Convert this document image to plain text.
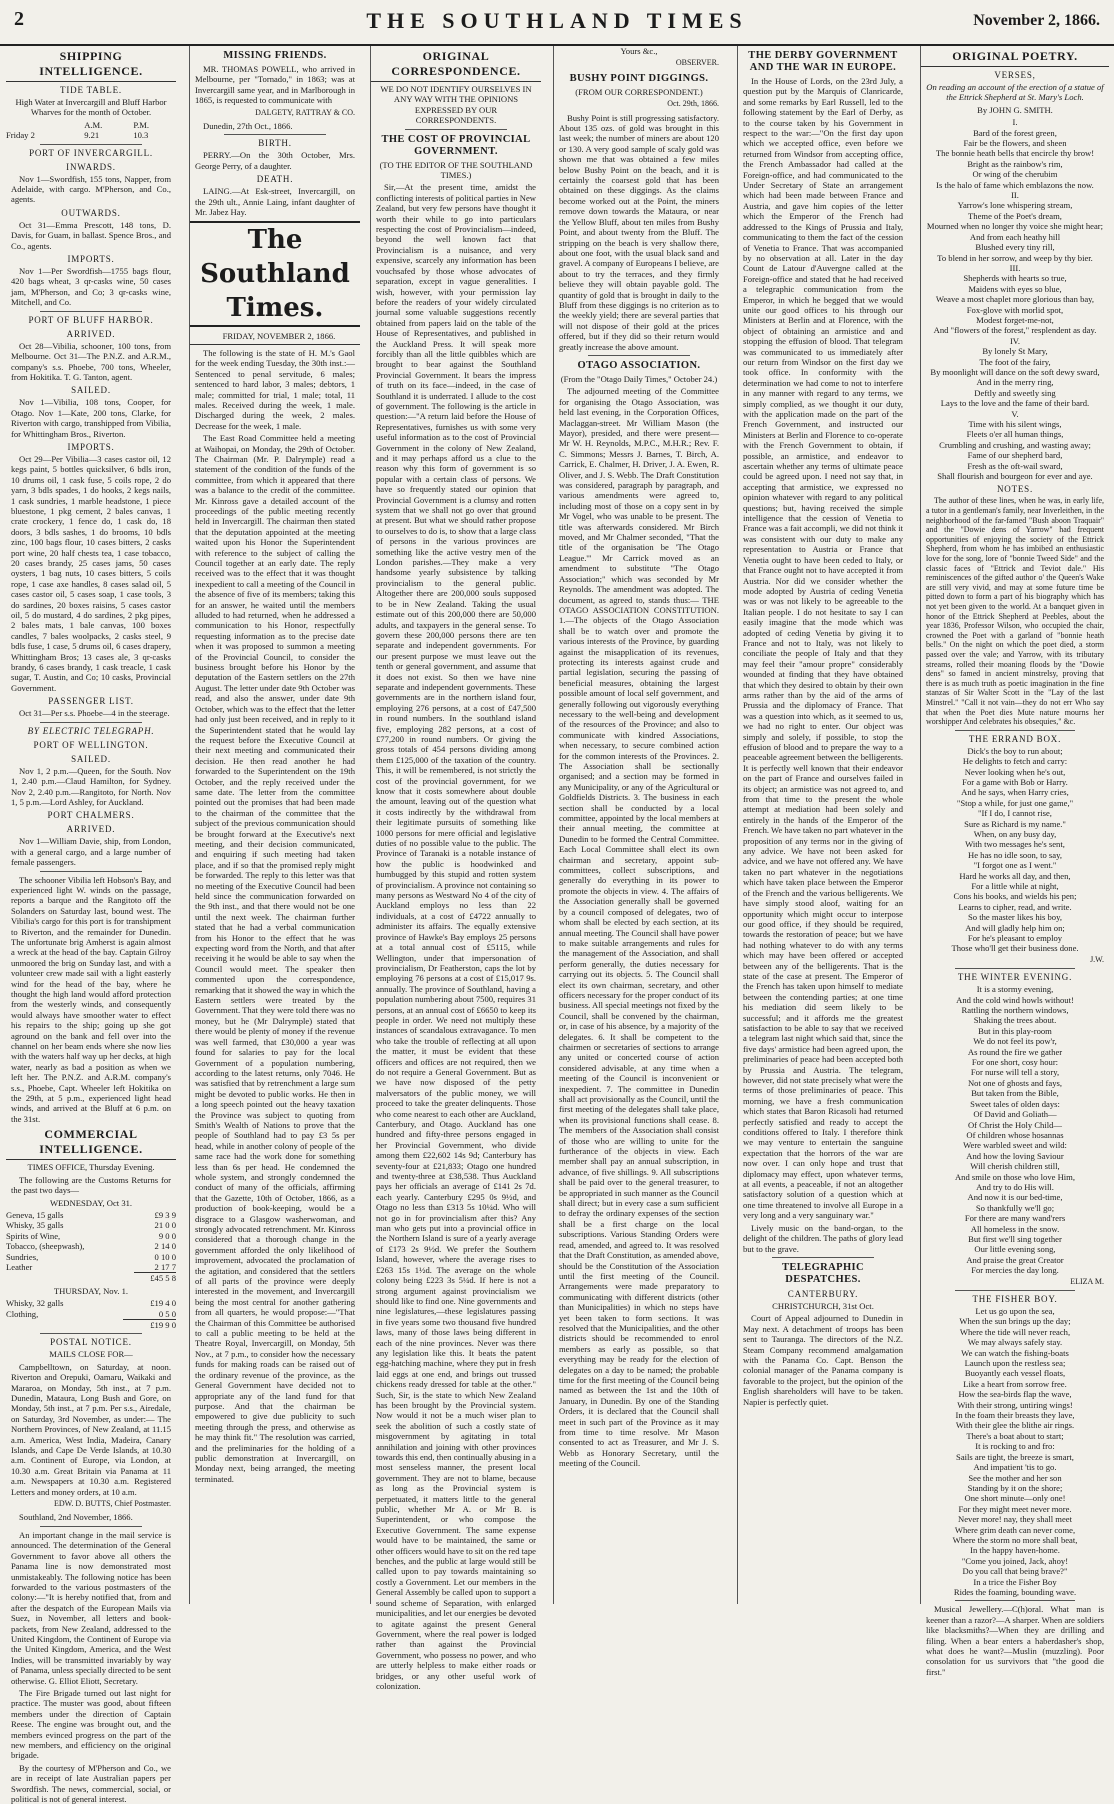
2	THE SOUTHLAND TIMES	November 2, 1866.
SHIPPING INTELLIGENCE.
TIDE TABLE.

High Water at Invercargill and Bluff Harbor Wharves for the month of October.

	A.M.	P.M.
Friday 2	9.21	10.3
PORT OF INVERCARGILL.
INWARDS.

Nov 1—Swordfish, 155 tons, Napper, from Adelaide, with cargo. M'Pherson, and Co., agents.

OUTWARDS.

Oct 31—Emma Prescott, 148 tons, D. Davis, for Guam, in ballast. Spence Bros., and Co., agents.

IMPORTS.

Nov 1—Per Swordfish—1755 bags flour, 420 bags wheat, 3 qr-casks wine, 50 cases jam, M'Pherson, and Co; 3 qr-casks wine, Mitchell, and Co.

PORT OF BLUFF HARBOR.
ARRIVED.

Oct 28—Vibilia, schooner, 100 tons, from Melbourne. Oct 31—The P.N.Z. and A.R.M., company's s.s. Phoebe, 700 tons, Wheeler, from Hokitika. T. G. Tanton, agent.

SAILED.

Nov 1—Vibilia, 108 tons, Cooper, for Otago. Nov 1—Kate, 200 tons, Clarke, for Riverton with cargo, transhipped from Vibilia, for Whittingham Bros., Riverton.

IMPORTS.

Oct 29—Per Vibilia—3 cases castor oil, 12 kegs paint, 5 bottles quicksilver, 6 bdls iron, 10 drums oil, 1 cask fuse, 5 coils rope, 2 do yarn, 3 bdls spades, 1 do hooks, 2 kegs nails, 1 cask sundries, 1 marble headstone, 1 piece bluestone, 1 pkg cement, 2 bales canvas, 1 crate crockery, 1 fence do, 1 cask do, 18 doors, 3 bdls sashes, 1 do brooms, 10 bdls zinc, 100 bags flour, 10 cases bitters, 2 casks port wine, 20 half chests tea, 1 case tobacco, 20 cases brandy, 25 cases jams, 50 cases oysters, 1 bag nuts, 10 cases bitters, 5 coils rope, 1 case axe handles, 8 cases salad oil, 5 cases castor oil, 5 cases soap, 1 case tools, 3 do sardines, 20 boxes raisins, 5 cases castor oil, 5 do mustard, 4 do sardines, 2 pkg pipes, 2 bales mats, 1 bale canvas, 100 boxes candles, 7 bales woolpacks, 2 casks steel, 9 bdls fuse, 1 case, 5 drums oil, 6 cases drapery, Whittingham Bros; 13 cases ale, 3 qr-casks brandy, 6 cases brandy, 1 cask treacle, 1 cask sugar, T. Austin, and Co; 10 casks, Provincial Government.

PASSENGER LIST.

Oct 31—Per s.s. Phoebe—4 in the steerage.

BY ELECTRIC TELEGRAPH.
PORT OF WELLINGTON.
SAILED.

Nov 1, 2 p.m.—Queen, for the South. Nov 1, 2.40 p.m.—Claud Hamilton, for Sydney. Nov 2, 2.40 p.m.—Rangitoto, for North. Nov 1, 5 p.m.—Lord Ashley, for Auckland.

PORT CHALMERS.
ARRIVED.

Nov 1—William Davie, ship, from London, with a general cargo, and a large number of female passengers.

The schooner Vibilia left Hobson's Bay, and experienced light W. winds on the passage, reports a barque and the Rangitoto off the Solanders on Saturday last, bound west. The Vibilia's cargo for this port is for transhipment to Riverton, and the remainder for Dunedin. The unfortunate brig Amherst is again almost a wreck at the head of the bay. Captain Gilroy unmoored the brig on Sunday last, and with a volunteer crew made sail with a light easterly wind for the head of the bay, where he thought the high land would afford protection from the westerly winds, and consequently would always have smoother water to effect his repairs to the ship; going up she got aground on the bank and fell over into the channel on her beam ends where she now lies with the waters half way up her decks, at high water, nearly as bad a position as when we left her. The P.N.Z. and A.R.M. company's s.s., Phoebe, Capt. Wheeler left Hokitika on the 29th, at 5 p.m., experienced light head winds, and arrived at the Bluff at 6 p.m. on the 31st.

COMMERCIAL INTELLIGENCE.

TIMES OFFICE, Thursday Evening.

The following are the Customs Returns for the past two days—

WEDNESDAY, Oct 31.

Geneva, 15 galls	£9 3 9
Whisky, 35 galls	21 0 0
Spirits of Wine,	9 0 0
Tobacco, (sheepwash),	2 14 0
Sundries,	0 10 0
Leather	2 17 7
	£45 5 8

THURSDAY, Nov. 1.

Whisky, 32 galls	£19 4 0
Clothing,	0 5 0
	£19 9 0
POSTAL NOTICE.

MAILS CLOSE FOR—

Campbelltown, on Saturday, at noon. Riverton and Orepuki, Oamaru, Waikaki and Mararoa, on Monday, 5th inst., at 7 p.m. Dunedin, Mataura, Long Bush and Gore, on Monday, 5th inst., at 7 p.m. Per s.s., Airedale, on Saturday, 3rd November, as under:— The Northern Provinces, of New Zealand, at 11.15 a.m. America, West India, Madeira, Canary Islands, and Cape De Verde Islands, at 10.30 a.m. Continent of Europe, via London, at 10.30 a.m. Great Britain via Panama at 11 a.m. Newspapers at 10.30 a.m. Registered Letters and money orders, at 10 a.m.

EDW. D. BUTTS, Chief Postmaster.

Southland, 2nd November, 1866.

An important change in the mail service is announced. The determination of the General Government to favor above all others the Panama line is now demonstrated most unmistakeably. The following notice has been forwarded to the various postmasters of the colony:—"It is hereby notified that, from and after the despatch of the European Mails via Suez, in November, all letters and book-packets, from New Zealand, addressed to the United Kingdom, the Continent of Europe via the United Kingdom, America, and the West Indies, will be transmitted invariably by way of Panama, unless specially directed to be sent otherwise. G. Elliot Eliott, Secretary.

The Fire Brigade turned out last night for practice. The muster was good, about fifteen members under the direction of Captain Reese. The engine was brought out, and the members evinced progress on the part of the new members, and efficiency on the original brigade.

By the courtesy of M'Pherson and Co., we are in receipt of late Australian papers per Swordfish. The news, commercial, social, or political is not of general interest.

MISSING FRIENDS.

MR. THOMAS POWELL, who arrived in Melbourne, per "Tornado," in 1863; was at Invercargill same year, and in Marlborough in 1865, is requested to communicate with

DALGETY, RATTRAY & CO.

Dunedin, 27th Oct., 1866.

BIRTH.

PERRY.—On the 30th October, Mrs. George Perry, of a daughter.

DEATH.

LAING.—At Esk-street, Invercargill, on the 29th ult., Annie Laing, infant daughter of Mr. Jabez Hay.

The Southland Times.

FRIDAY, NOVEMBER 2, 1866.

The following is the state of H. M.'s Gaol for the week ending Tuesday, the 30th inst.:—Sentenced to penal servitude, 6 males; sentenced to hard labor, 3 males; debtors, 1 male; committed for trial, 1 male; total, 11 males. Received during the week, 1 male. Discharged during the week, 2 males. Decrease for the week, 1 male.

The East Road Committee held a meeting at Waihopai, on Monday, the 29th of October. The Chairman (Mr. P. Dalrymple) read a statement of the condition of the funds of the committee, from which it appeared that there was a balance to the credit of the committee. Mr. Kinross gave a detailed account of the proceedings of the public meeting recently held in Invercargill. The chairman then stated that the deputation appointed at the meeting waited upon his Honor the Superintendent with reference to the subject of calling the Council together at an early date. The reply received was to the effect that it was thought inexpedient to call a meeting of the Council in the absence of five of its members; taking this for an answer, he waited until the members alluded to had returned, when he addressed a communication to his Honor, respectfully requesting information as to the precise date when it was proposed to summon a meeting of the Provincial Council, to consider the business brought before his Honor by the deputation of the Eastern settlers on the 27th August. The letter under date 9th October was read, and also the answer, under date 9th October, which was to the effect that the letter had only just been received, and in reply to it the Superintendent stated that he would lay the request before the Executive Council at their next meeting and communicated their decision. He then read another he had forwarded to the Superintendent on the 19th October, and the reply received under the same date. The letter from the committee pointed out the promises that had been made to the chairman of the committee that the subject of the previous communication should be brought forward at the Executive's next meeting, and their decision communicated, and enquiring if such meeting had taken place, and if so that the promised reply might be forwarded. The reply to this letter was that no meeting of the Executive Council had been held since the communication forwarded on the 9th inst., and that there would not be one until the next week. The chairman further stated that he had a verbal communication from his Honor to the effect that he was expecting word from the North, and that after receiving it he would be able to say when the Council would meet. The speaker then commented upon the correspondence, remarking that it showed the way in which the Eastern settlers were treated by the Government. That they were told there was no money, but he (Mr Dalrymple) stated that there would be plenty of money if the revenue was well farmed, that £30,000 a year was found for salaries to pay for the local Government of a population numbering, according to the latest returns, only 7046. He was satisfied that by retrenchment a large sum might be devoted to public works. He then in a long speech pointed out the heavy taxation the Province was subject to quoting from Smith's Wealth of Nations to prove that the people of Southland had to pay £3 5s per head, while in another colony of people of the same race had the work done for something less than 6s per head. He condemned the whole system, and strongly condemned the conduct of many of the officials, affirming that the Gazette, 10th of October, 1866, as a production of book-keeping, would be a disgrace to a Glasgow washerwoman, and strongly advocated retrenchment. Mr. Kinross considered that a thorough change in the government afforded the only likelihood of improvement, advocated the proclamation of the agitation, and considered that the settlers of all parts of the province were deeply interested in the movement, and Invercargill being the most central for another gathering from all quarters, he would propose:—"That the Chairman of this Committee be authorised to call a public meeting to be held at the Theatre Royal, Invercargill, on Monday, 5th Nov., at 7 p.m., to consider how the necessary funds for making roads can be raised out of the ordinary revenue of the province, as the General Government have decided not to appropriate any of the land fund for that purpose. And that the chairman be empowered to give due publicity to such meeting through the press, and otherwise as he may think fit." The resolution was carried, and the preliminaries for the holding of a public demonstration at Invercargill, on Monday next, being arranged, the meeting terminated.

ORIGINAL CORRESPONDENCE.

WE DO NOT IDENTIFY OURSELVES IN ANY WAY WITH THE OPINIONS EXPRESSED BY OUR CORRESPONDENTS.

THE COST OF PROVINCIAL GOVERNMENT.

(TO THE EDITOR OF THE SOUTHLAND TIMES.)

Sir,—At the present time, amidst the conflicting interests of political parties in New Zealand, but very few persons have thought it worth their while to go into particulars respecting the cost of Provincialism—indeed, beyond the well known fact that Provincialism is a nuisance, and very expensive, scarcely any information has been vouchsafed by those whose advocates of separation, except in vague generalities. I wish, however, with your permission lay before the readers of your widely circulated journal some valuable suggestions recently obtained from papers laid on the table of the House of Representatives, and published in the Auckland Press. It will speak more forcibly than all the little quibbles which are brought to bear against the Southland Provincial Government. It bears the impress of truth on its face—indeed, in the case of Southland it is underrated. I allude to the cost of government. The following is the article in question:—"A return laid before the House of Representatives, furnishes us with some very useful information as to the cost of Provincial Government in the colony of New Zealand, and it may perhaps afford us a clue to the reason why this form of government is so popular with a certain class of persons. We have so frequently stated our opinion that Provincial Government is a clumsy and rotten system that we shall not go over that ground at present. But what we should rather propose to ourselves to do is, to show that a large class of persons in the various provinces are something like the active vestry men of the London parishes.—They make a very handsome yearly subsistence by talking provincialism to the general public. Altogether there are 200,000 souls supposed to be in New Zealand. Taking the usual estimate out of this 200,000 there are 50,000 adults, and taxpayers in the general sense. To govern these 200,000 persons there are ten separate and independent governments. For our present purpose we must leave out the tenth or general government, and assume that it does not exist. So then we have nine separate and independent governments. These governments are in the northern island four, employing 276 persons, at a cost of £47,500 in round numbers. In the southland island five, employing 282 persons, at a cost of £77,200 in round numbers. Or giving the gross totals of 454 persons dividing among them £125,000 of the taxation of the country. This, it will be remembered, is not strictly the cost of the provincial government, for we know that it costs somewhere about double the amount, leaving out of the question what it costs indirectly by the withdrawal from their legitimate pursuits of something like 1000 persons for mere official and legislative duties of no possible value to the public. The Province of Taranaki is a notable instance of how the public is hoodwinked and humbugged by this stupid and rotten system of provincialism. A province not containing so many persons as Westward No 4 of the city of Auckland employs no less than 22 individuals, at a cost of £4722 annually to administer its affairs. The equally extensive province of Hawke's Bay employs 25 persons at a total annual cost of £5115, while Wellington, under that impersonation of provincialism, Dr Featherston, caps the lot by employing 76 persons at a cost of £15,017 9s. annually. The province of Southland, having a population numbering about 7500, requires 31 persons, at an annual cost of £6650 to keep its people in order. We need not multiply these instances of scandalous extravagance. To men who take the trouble of reflecting at all upon the matter, it must be evident that these officers and offices are not required, then we do not require a General Government. But as we have now disposed of the petty malversators of the public money, we will proceed to take the greater delinquents. Those who come nearest to each other are Auckland, Canterbury, and Otago. Auckland has one hundred and fifty-three persons engaged in her Provincial Government, who divide among them £22,602 14s 9d; Canterbury has seventy-four at £21,833; Otago one hundred and twenty-three at £38,538. Thus Auckland pays her officials an average of £141 2s 7d. each yearly. Canterbury £295 0s 9½d, and Otago no less than £313 5s 10¼d. Who will not go in for provincialism after this? Any man who gets put into a provincial office in the Northern Island is sure of a yearly average of £173 2s 9½d. We prefer the Southern Island, however, where the average rises to £263 15s 1½d. The average on the whole colony being £223 3s 5¼d. If here is not a strong argument against provincialism we should like to find one. Nine governments and nine legislatures,—these legislatures passing in five years some two thousand five hundred laws, many of those laws being different in each of the nine provinces. Never was there any legislation like this. It beats the patent egg-hatching machine, where they put in fresh laid eggs at one end, and brings out trussed chickens ready dressed for table at the other." Such, Sir, is the state to which New Zealand has been brought by the Provincial system. Now would it not be a much wiser plan to seek the abolition of such a costly state of misgovernment by agitating in total annihilation and joining with other provinces towards this end, then continually abusing in a most senseless manner, the present local government. They are not to blame, because as long as the Provincial system is perpetuated, it matters little to the general public, whether Mr A. or Mr B. is Superintendent, or who compose the Executive Government. The same expense would have to be maintained, the same or other officers would have to sit on the red tape benches, and the public at large would still be called upon to pay towards maintaining so costly a Government. Let our members in the General Assembly be called upon to support a sound scheme of Separation, with enlarged municipalities, and let our energies be devoted to agitate against the present General Government, where the real power is lodged rather than against the Provincial Government, who possess no power, and who are utterly helpless to make either roads or bridges, or any other useful work of colonization.

Yours &c.,

OBSERVER.

BUSHY POINT DIGGINGS.

(FROM OUR CORRESPONDENT.)

Oct. 29th, 1866.

Bushy Point is still progressing satisfactory. About 135 ozs. of gold was brought in this last week; the number of miners are about 120 or 130. A very good sample of scaly gold was shown me that was obtained a few miles below Bushy Point on the beach, and it is certainly the coarsest gold that has been obtained on these diggings. As the claims become worked out at the Point, the miners remove down towards the Mataura, or near the Yellow Bluff, about ten miles from Bushy Point, and about twenty from the Bluff. The stripping on the beach is very shallow there, about one foot, with the usual black sand and gravel. A company of Europeans I believe, are about to try the terraces, and they firmly believe they will obtain payable gold. The quantity of gold that is brought in daily to the Bluff from these diggings is no criterion as to the weekly yield; there are several parties that will not dispose of their gold at the prices offered, but if they did so their return would greatly increase the above amount.

OTAGO ASSOCIATION.

(From the "Otago Daily Times," October 24.)

The adjourned meeting of the Committee for organising the Otago Association, was held last evening, in the Corporation Offices, Maclaggan-street. Mr William Mason (the Mayor), presided, and there were present—Mr W. H. Reynolds, M.P.C., M.H.R.; Rev. F. C. Simmons; Messrs J. Barnes, T. Birch, A. Carrick, E. Chalmer, H. Driver, J. A. Ewen, R. Oliver, and J. S. Webb. The Draft Constitution was considered, paragraph by paragraph, and various amendments were agreed to, including most of those on a copy sent in by Mr Vogel, who was unable to be present. The title was afterwards considered. Mr Birch moved, and Mr Chalmer seconded, "That the title of the organisation be 'The Otago League.'" Mr Carrick moved as an amendment to substitute "The Otago Association;" which was seconded by Mr Reynolds. The amendment was adopted. The document, as agreed to, stands thus:— THE OTAGO ASSOCIATION CONSTITUTION. 1.—The objects of the Otago Association shall be to watch over and promote the various interests of the Province, by guarding against the misapplication of its revenues, protecting its interests against crude and partial legislation, securing the passing of beneficial measures, obtaining the largest possible amount of local self government, and generally following out vigorously everything necessary to the well-being and development of the resources of the Province; and also to communicate with kindred Associations, when necessary, to secure combined action for the common interests of the Provinces. 2. The Association shall be sectionally organised; and a section may be formed in any Municipality, or any of the Agricultural or Goldfields Districts. 3. The business in each section shall be conducted by a local committee, appointed by the local members at their annual meeting, the committee at Dunedin to be formed the Central Committee. Each Local Committee shall elect its own chairman and secretary, appoint sub-committees, collect subscriptions, and generally do everything in its power to promote the objects in view. 4. The affairs of the Association generally shall be governed by a council composed of delegates, two of whom shall be elected by each section, at its annual meeting. The Council shall have power to make suitable arrangements and rules for the management of the Association, and shall perform generally, the duties necessary for carrying out its objects. 5. The Council shall elect its own chairman, secretary, and other officers necessary for the proper conduct of its business. All special meetings not fixed by the Council, shall be convened by the chairman, or, in case of his absence, by a majority of the delegates. 6. It shall be competent to the chairmen or secretaries of sections to arrange any united or concerted course of action considered advisable, at any time when a meeting of the Council is inconvenient or inexpedient. 7. The committee in Dunedin shall act provisionally as the Council, until the first meeting of the delegates shall take place, when its provisional functions shall cease. 8. The members of the Association shall consist of those who are willing to unite for the furtherance of the objects in view. Each member shall pay an annual subscription, in advance, of five shillings. 9. All subscriptions shall be paid over to the general treasurer, to be appropriated in such manner as the Council shall direct; but in every case a sum sufficient to defray the ordinary expenses of the section shall be a first charge on the local subscriptions. Various Standing Orders were read, amended, and agreed to. It was resolved that the Draft Constitution, as amended above, should be the Constitution of the Association until the first meeting of the Council. Arrangements were made preparatory to communicating with different districts (other than Municipalities) in which no steps have yet been taken to form sections. It was resolved that the Municipalities, and the other districts should be recommended to enrol members as early as possible, so that everything may be ready for the election of delegates on a day to be named; the probable time for the first meeting of the Council being named as between the 1st and the 10th of January, in Dunedin. By one of the Standing Orders, it is declared that the Council shall meet in such part of the Province as it may from time to time resolve. Mr Mason consented to act as Treasurer, and Mr J. S. Webb as Honorary Secretary, until the meeting of the Council.

THE DERBY GOVERNMENT AND THE WAR IN EUROPE.

In the House of Lords, on the 23rd July, a question put by the Marquis of Clanricarde, and some remarks by Earl Russell, led to the following statement by the Earl of Derby, as to the course taken by his Government in respect to the war:—"On the first day upon which we accepted office, even before we returned from Windsor from accepting office, the French Ambassador had called at the Foreign-office, and had communicated to the Under Secretary of State an arrangement which had been made between France and Austria, and gave him copies of the letter which the Emperor of the French had addressed to the Kings of Prussia and Italy, communicating to them the fact of the cession of Venetia to France. That was accompanied by no observation at all. Later in the day Count de Latour d'Auvergne called at the Foreign-office and stated that he had received a telegraphic communication from the Emperor, in which he begged that we would unite our good offices to his through our Ministers at Berlin and at Florence, with the object of obtaining an armistice and and stopping the effusion of blood. That telegram was communicated to us immediately after our return from Windsor on the first day we took office. In conformity with the determination we had come to not to interfere in any manner with regard to any terms, we simply complied, as we thought it our duty, with the application made on the part of the French Government, and instructed our Ministers at Berlin and Florence to co-operate with the French Government to obtain, if possible, an armistice, and endeavor to ascertain whether any terms of ultimate peace could be agreed upon. I need not say that, in accepting that armistice, we expressed no opinion whatever with regard to any political questions; but, having received the simple intelligence that the cession of Venetia to France was a fait accompli, we did not think it was consistent with our duty to make any representation to Austria or France that Venetia ought to have been ceded to Italy, or that France ought not to have accepted it from Austria. Nor did we consider whether the mode adopted by Austria of ceding Venetia was or was not likely to be agreeable to the Italian people. I do not hesitate to say I can easily imagine that the mode which was adopted of ceding Venetia by giving it to France and not to Italy, was not likely to conciliate the people of Italy and that they may feel their "amour propre" considerably wounded at finding that they have obtained that which they desired to obtain by their own arms rather than by the aid of the arms of Prussia and the diplomacy of France. That was a question into which, as it seemed to us, we had no right to enter. Our object was simply and solely, if possible, to stop the effusion of blood and to prepare the way to a peaceable agreement between the belligerents. It is perfectly well known that their endeavor on the part of France and ourselves failed in its object; an armistice was not agreed to, and from that time to the present the whole attempt at mediation had been solely and entirely in the hands of the Emperor of the French. We have taken no part whatever in the proposition of any terms nor in the giving of any advice. We have not been asked for advice, and we have not offered any. We have taken no part whatever in the negotiations which have taken place between the Emperor of the French and the various belligerents. We have simply stood aloof, waiting for an opportunity which might occur to interpose our good office, if they should be required, towards the restoration of peace; but we have had nothing whatever to do with any terms which may have been offered or accepted between any of the belligerents. That is the state of the case at present. The Emperor of the French has taken upon himself to mediate between the contending parties; at one time his mediation did seem likely to be successful; and it affords me the greatest satisfaction to be able to say that we received a telegram last night which said that, since the five days' armistice had been agreed upon, the preliminaries of peace had been accepted both by Prussia and Austria. The telegram, however, did not state precisely what were the terms of those preliminaries of peace. This morning, we have a fresh communication which states that Baron Ricasoli had returned perfectly satisfied and ready to accept the conditions offered to Italy. I therefore think we may venture to entertain the sanguine expectation that the horrors of the war are now over. I can only hope and trust that diplomacy may effect, upon whatever terms, at all events, a peaceable, if not an altogether satisfactory solution of a question which at one time threatened to involve all Europe in a very long and a very sanguinary war."

Lively music on the band-organ, to the delight of the children. The paths of glory lead but to the grave.

TELEGRAPHIC DESPATCHES.
CANTERBURY.

CHRISTCHURCH, 31st Oct.

Court of Appeal adjourned to Dunedin in May next. A detachment of troops has been sent to Tauranga. The directors of the N.Z. Steam Company recommend amalgamation with the Panama Co. Capt. Benson the colonial manager of the Panama company is favorable to the project, but the opinion of the English shareholders will have to be taken. Napier is perfectly quiet.

ORIGINAL POETRY.
VERSES,

On reading an account of the erection of a statue of the Ettrick Shepherd at St. Mary's Loch.

By JOHN G. SMITH.

I.

Bard of the forest green,

Fair be the flowers, and sheen

The bonnie heath bells that encircle thy brow!

Bright as the rainbow's rim,

Or wing of the cherubim

Is the halo of fame which emblazons the now.

II.

Yarrow's lone whispering stream,

Theme of the Poet's dream,

Mourned when no longer thy voice she might hear;

And from each heathy hill

Blushed every tiny rill,

To blend in her sorrow, and weep by thy bier.

III.

Shepherds with hearts so true,

Maidens with eyes so blue,

Weave a most chaplet more glorious than bay,

Fox-glove with morlid spot,

Modest forget-me-not,

And "flowers of the forest," resplendent as day.

IV.

By lonely St Mary,

The foot of the fairy,

By moonlight will dance on the soft dewy sward,

And in the merry ring,

Deftly and sweetly sing

Lays to the love and the fame of their bard.

V.

Time with his silent wings,

Fleets o'er all human things,

Crumbling and crushing, and wasting away;

Fame of our shepherd bard,

Fresh as the oft-wail sward,

Shall flourish and bourgeon for ever and aye.

NOTES.

The author of these lines, when he was, in early life, a tutor in a gentleman's family, near Inverleithen, in the neighborhood of the far-famed "Bush aboon Traquair" and the "Dowie dens of Yarrow" had frequent opportunities of enjoying the society of the Ettrick Shepherd, from whom he has imbibed an enthusiastic love for the song, lore of "bonnie Tweed Side" and the classic faces of "Ettrick and Teviot dale." His reminiscences of the gifted author o' the Queen's Wake are still very vivid, and may at some future time be pitted down to form a part of his biography which has not yet been given to the world. At a banquet given in honor of the Ettrick Shepherd at Peebles, about the year 1836, Professor Wilson, who occupied the chair, crowned the Poet with a garland of "bonnie heath bells." On the night on which the poet died, a storm passed over the vale; and Yarrow, with its tributary streams, rolled their moaning floods by the "Dowie dens" so famed in ancient minstrelsy, proving that there is as much truth as poetic imagination in the fine stanzas of Sir Walter Scott in the "Lay of the last Minstrel." "Call it not vain—they do not err Who say that when the Poet dies Mute nature mourns her worshipper And celebrates his obsequies," &c.

THE ERRAND BOX.

Dick's the boy to run about;

He delights to fetch and carry:

Never looking when he's out,

For a game with Bob or Harry.

And he says, when Harry cries,

"Stop a while, for just one game,"

"If I do, I cannot rise,

Sure as Richard is my name."

When, on any busy day,

With two messages he's sent,

He has no idle soon, to say,

"I forgot one as I went."

Hard he works all day, and then,

For a little while at night,

Cons his books, and wields his pen;

Learns to cipher, read, and write.

So the master likes his boy,

And will gladly help him on;

For he's pleasant to employ

Those who'll get their business done.

J.W.

THE WINTER EVENING.

It is a stormy evening,

And the cold wind howls without!

Rattling the northern windows,

Shaking the trees about.

But in this play-room

We do not feel its pow'r,

As round the fire we gather

For one short, cosy hour:

For nurse will tell a story,

Not one of ghosts and fays,

But taken from the Bible,

Sweet tales of olden days:

Of David and Goliath—

Of Christ the Holy Child—

Of children whose hosannas

Were warbled sweet and wild:

And how the loving Saviour

Will cherish children still,

And smile on those who love Him,

And try to do His will.

And now it is our bed-time,

So thankfully we'll go;

For there are many wand'rers

All homeless in the snow.

But first we'll sing together

Our little evening song,

And praise the great Creator

For mercies the day long.

ELIZA M.

THE FISHER BOY.

Let us go upon the sea,

When the sun brings up the day;

Where the tide will never reach,

We may always safely stay.

We can watch the fishing-boats

Launch upon the restless sea;

Buoyantly each vessel floats,

Like a heart from sorrow free.

How the sea-birds flap the wave,

With their strong, untiring wings!

In the foam their breasts they lave,

With their glee the blithe air rings.

There's a boat about to start;

It is rocking to and fro:

Sails are tight, the breeze is smart,

And impatient 'tis to go.

See the mother and her son

Standing by it on the shore;

One short minute—only one!

For they might meet never more.

Never more! nay, they shall meet

Where grim death can never come,

Where the storm no more shall beat,

In the happy haven-home.

"Come you joined, Jack, ahoy!

Do you call that being brave?"

In a trice the Fisher Boy

Rides the foaming, bounding wave.

Musical Jewellery.—C(h)oral. What man is keener than a razor?—A sharper. When are soldiers like blacksmiths?—When they are drilling and filing. When a bear enters a haberdasher's shop, what does he want?—Muslin (muzzling). Poor consolation for us survivors that "the good die first."
